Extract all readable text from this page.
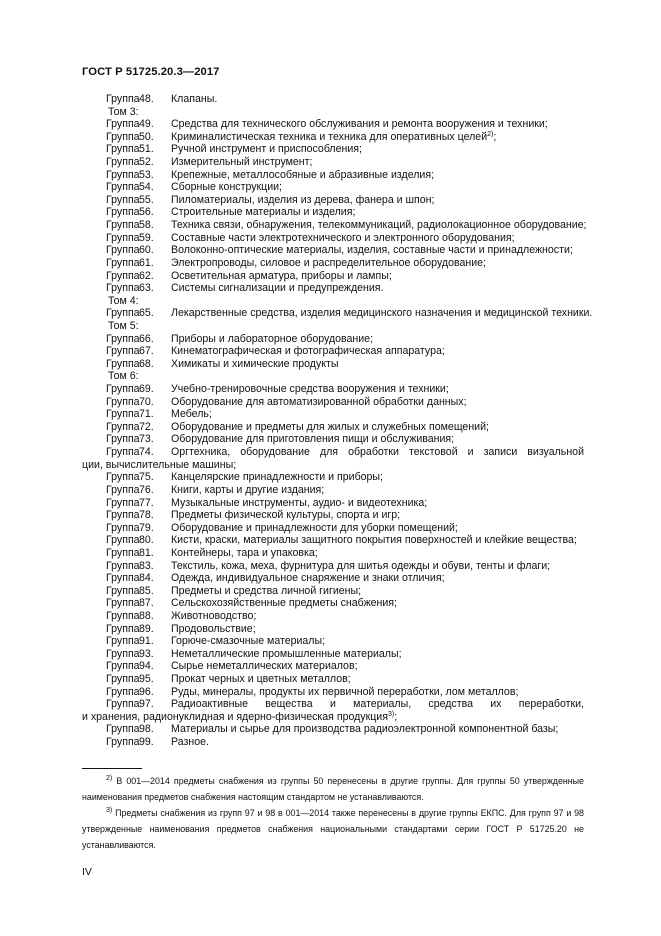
ГОСТ Р 51725.20.3—2017
Группа48. Клапаны.
Том 3:
Группа49. Средства для технического обслуживания и ремонта вооружения и техники;
Группа50. Криминалистическая техника и техника для оперативных целей$^{2)}$;
Группа51. Ручной инструмент и приспособления;
Группа52. Измерительный инструмент;
Группа53. Крепежные, металлособяные и абразивные изделия;
Группа54. Сборные конструкции;
Группа55. Пиломатериалы, изделия из дерева, фанера и шпон;
Группа56. Строительные материалы и изделия;
Группа58. Техника связи, обнаружения, телекоммуникаций, радиолокационное оборудование;
Группа59. Составные части электротехнического и электронного оборудования;
Группа60. Волоконно-оптические материалы, изделия, составные части и принадлежности;
Группа61. Электропроводы, силовое и распределительное оборудование;
Группа62. Осветительная арматура, приборы и лампы;
Группа63. Системы сигнализации и предупреждения.
Том 4:
Группа65. Лекарственные средства, изделия медицинского назначения и медицинской техники.
Том 5:
Группа66. Приборы и лабораторное оборудование;
Группа67. Кинематографическая и фотографическая аппаратура;
Группа68. Химикаты и химические продукты
Том 6:
Группа69. Учебно-тренировочные средства вооружения и техники;
Группа70. Оборудование для автоматизированной обработки данных;
Группа71. Мебель;
Группа72. Оборудование и предметы для жилых и служебных помещений;
Группа73. Оборудование для приготовления пищи и обслуживания;
Группа74. Оргтехника, оборудование для обработки текстовой и записи визуальной
ции, вычислительные машины;
Группа75. Канцелярские принадлежности и приборы;
Группа76. Книги, карты и другие издания;
Группа77. Музыкальные инструменты, аудио- и видеотехника;
Группа78. Предметы физической культуры, спорта и игр;
Группа79. Оборудование и принадлежности для уборки помещений;
Группа80. Кисти, краски, материалы защитного покрытия поверхностей и клейкие вещества;
Группа81. Контейнеры, тара и упаковка;
Группа83. Текстиль, кожа, меха, фурнитура для шитья одежды и обуви, тенты и флаги;
Группа84. Одежда, индивидуальное снаряжение и знаки отличия;
Группа85. Предметы и средства личной гигиены;
Группа87. Сельскохозяйственные предметы снабжения;
Группа88. Животноводство;
Группа89. Продовольствие;
Группа91. Горюче-смазочные материалы;
Группа93. Неметаллические промышленные материалы;
Группа94. Сырье неметаллических материалов;
Группа95. Прокат черных и цветных металлов;
Группа96. Руды, минералы, продукты их первичной переработки, лом металлов;
Группа97. Радиоактивные вещества и материалы, средства их переработки,
и хранения, радионуклидная и ядерно-физическая продукция$^{3)}$;
Группа98. Материалы и сырье для производства радиоэлектронной компонентной базы;
Группа99. Разное.
$^{2)}$ В 001—2014 предметы снабжения из группы 50 перенесены в другие группы. Для группы 50 утвержденные наименования предметов снабжения настоящим стандартом не устанавливаются.
$^{3)}$ Предметы снабжения из групп 97 и 98 в 001—2014 также перенесены в другие группы ЕКПС. Для групп 97 и 98 утвержденные наименования предметов снабжения национальными стандартами серии ГОСТ Р 51725.20 не устанавливаются.
IV
